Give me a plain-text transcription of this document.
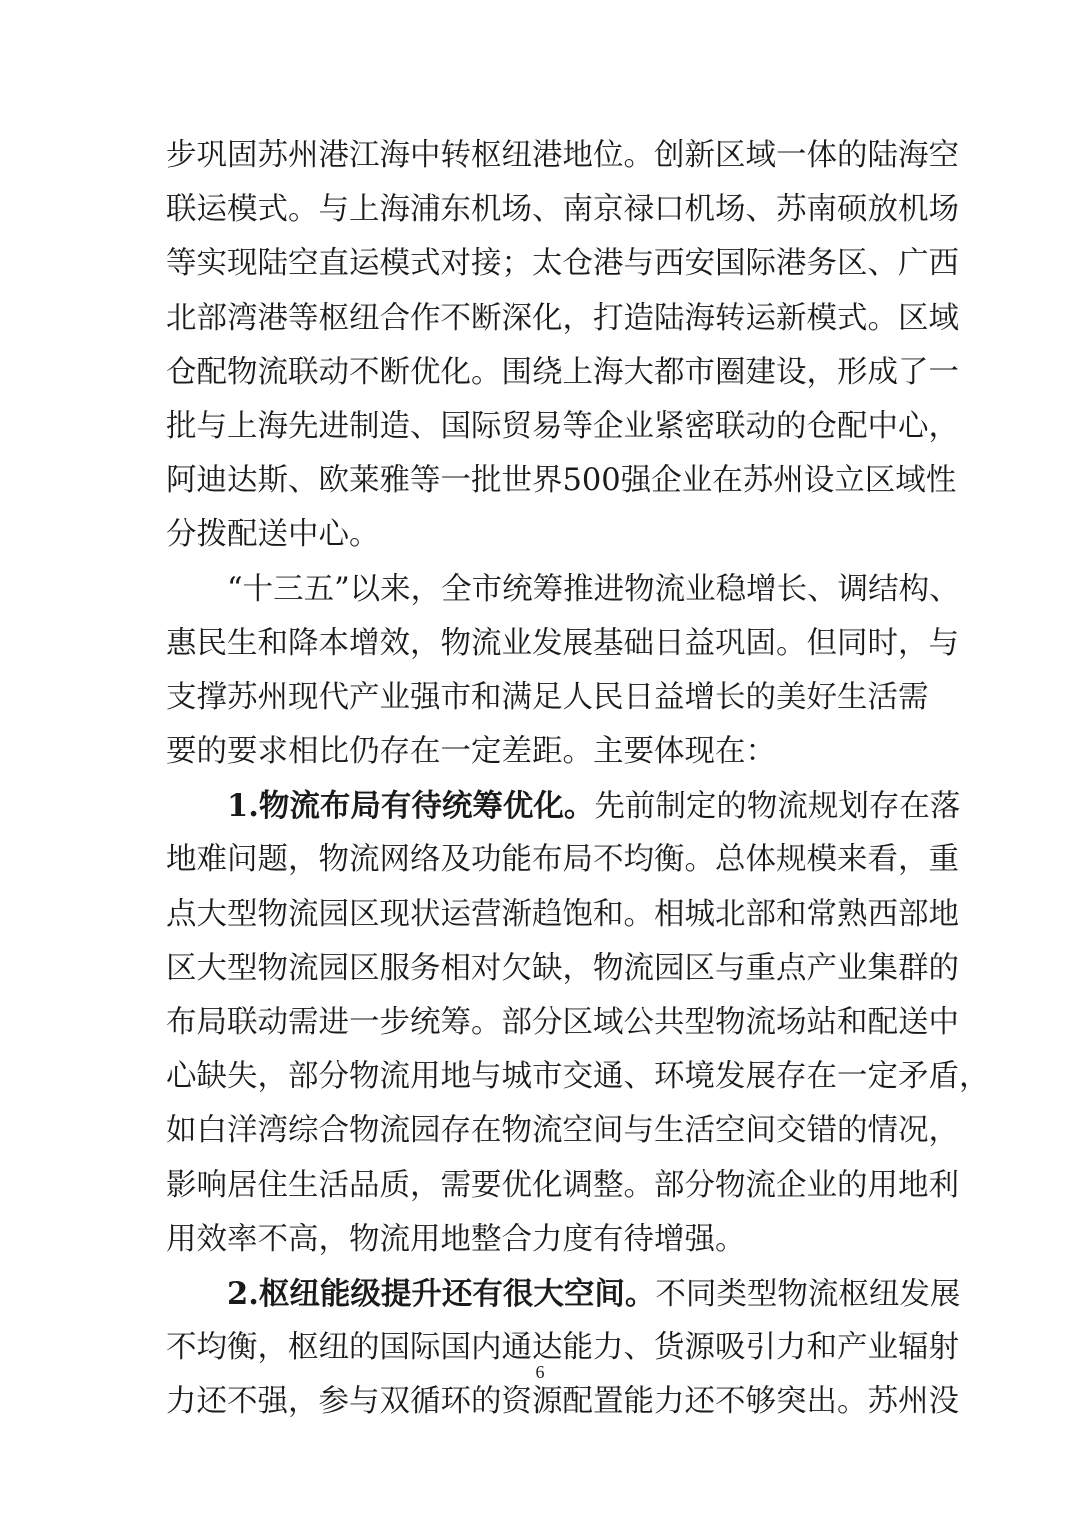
步巩固苏州港江海中转枢纽港地位。创新区域一体的陆海空
联运模式。与上海浦东机场、南京禄口机场、苏南硕放机场
等实现陆空直运模式对接；太仓港与西安国际港务区、广西
北部湾港等枢纽合作不断深化，打造陆海转运新模式。区域
仓配物流联动不断优化。围绕上海大都市圈建设，形成了一
批与上海先进制造、国际贸易等企业紧密联动的仓配中心，
阿迪达斯、欧莱雅等一批世界500强企业在苏州设立区域性
分拨配送中心。
“十三五”以来，全市统筹推进物流业稳增长、调结构、
惠民生和降本增效，物流业发展基础日益巩固。但同时，与
支撑苏州现代产业强市和满足人民日益增长的美好生活需
要的要求相比仍存在一定差距。主要体现在：
1.物流布局有待统筹优化。先前制定的物流规划存在落
地难问题，物流网络及功能布局不均衡。总体规模来看，重
点大型物流园区现状运营渐趋饱和。相城北部和常熟西部地
区大型物流园区服务相对欠缺，物流园区与重点产业集群的
布局联动需进一步统筹。部分区域公共型物流场站和配送中
心缺失，部分物流用地与城市交通、环境发展存在一定矛盾，
如白洋湾综合物流园存在物流空间与生活空间交错的情况，
影响居住生活品质，需要优化调整。部分物流企业的用地利
用效率不高，物流用地整合力度有待增强。
2.枢纽能级提升还有很大空间。不同类型物流枢纽发展
不均衡，枢纽的国际国内通达能力、货源吸引力和产业辐射
力还不强，参与双循环的资源配置能力还不够突出。苏州没
6
